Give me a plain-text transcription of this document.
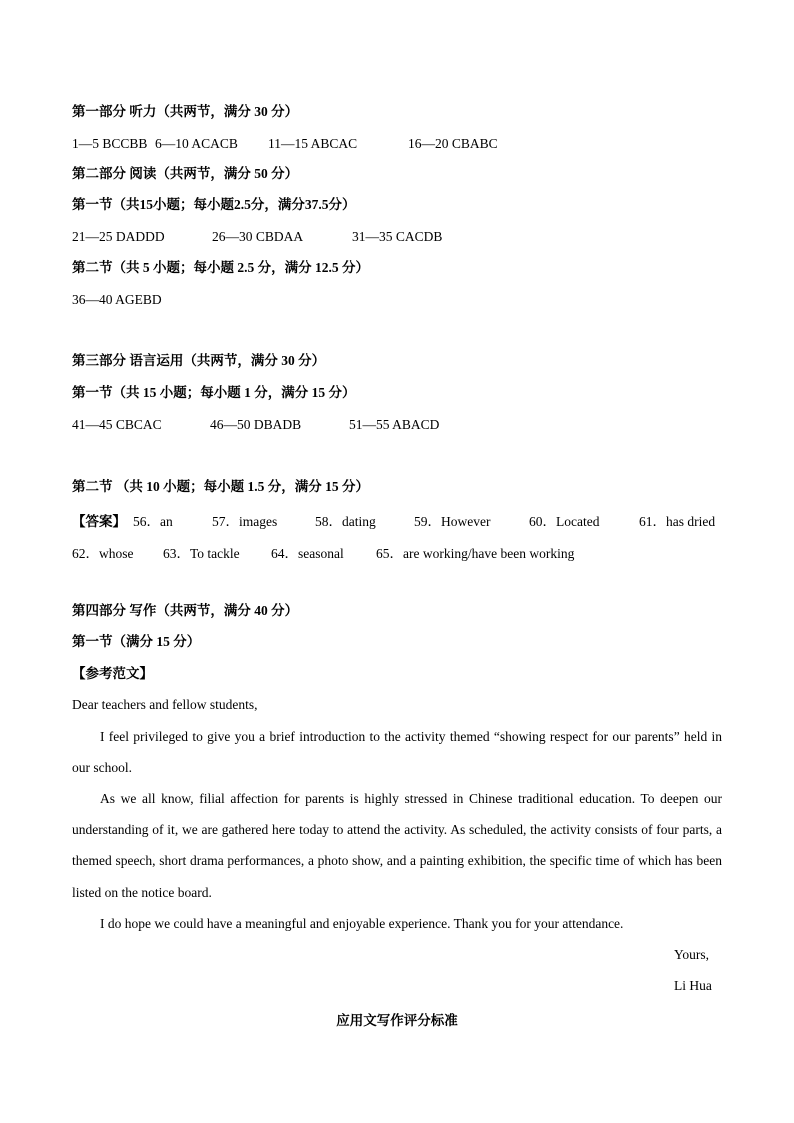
第一部分 听力（共两节，满分 30 分）
1—5 BCCBB 6—10 ACACB 11—15 ABCAC	16—20 CBABC
第二部分 阅读（共两节，满分 50 分）
第一节（共15小题；每小题2.5分，满分37.5分）
21—25 DADDD	26—30 CBDAA	31—35 CACDB
第二节（共 5 小题；每小题 2.5 分，满分 12.5 分）
36—40 AGEBD
第三部分 语言运用（共两节，满分 30 分）
第一节（共 15 小题；每小题 1 分，满分 15 分）
41—45 CBCAC	46—50 DBADB	51—55 ABACD
第二节 （共 10 小题；每小题 1.5 分，满分 15 分）
【答案】 56．an	57．images	58．dating	59．However	60．Located	61．has dried
62．whose 63．To tackle 64．seasonal 65．are working/have been working
第四部分 写作（共两节，满分 40 分）
第一节（满分 15 分）
【参考范文】
Dear teachers and fellow students,
I feel privileged to give you a brief introduction to the activity themed “showing respect for our parents” held in our school.
As we all know, filial affection for parents is highly stressed in Chinese traditional education. To deepen our understanding of it, we are gathered here today to attend the activity. As scheduled, the activity consists of four parts, a themed speech, short drama performances, a photo show, and a painting exhibition, the specific time of which has been listed on the notice board.
I do hope we could have a meaningful and enjoyable experience. Thank you for your attendance.
Yours,
Li Hua
应用文写作评分标准
